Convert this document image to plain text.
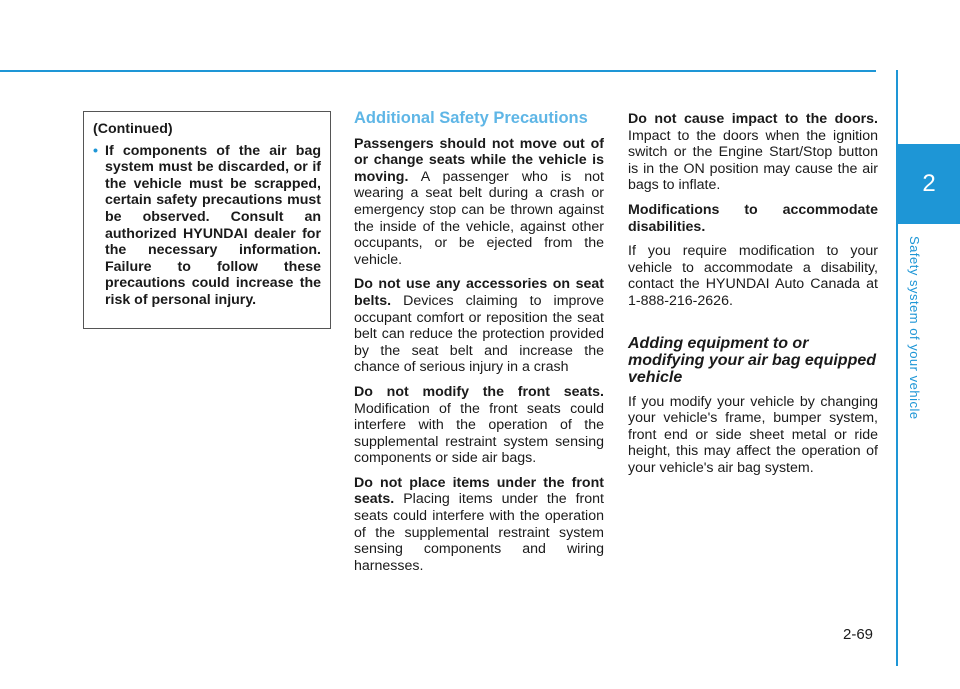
2
Safety system of your vehicle
(Continued)
• If components of the air bag system must be discarded, or if the vehicle must be scrapped, certain safety precautions must be observed. Consult an authorized HYUNDAI dealer for the necessary information. Failure to follow these precautions could increase the risk of personal injury.
Additional Safety Precautions

Passengers should not move out of or change seats while the vehicle is moving. A passenger who is not wearing a seat belt during a crash or emergency stop can be thrown against the inside of the vehicle, against other occupants, or be ejected from the vehicle.

Do not use any accessories on seat belts. Devices claiming to improve occupant comfort or reposition the seat belt can reduce the protection provided by the seat belt and increase the chance of serious injury in a crash

Do not modify the front seats. Modification of the front seats could interfere with the operation of the supplemental restraint system sensing components or side air bags.

Do not place items under the front seats. Placing items under the front seats could interfere with the operation of the supplemental restraint system sensing components and wiring harnesses.

Do not cause impact to the doors. Impact to the doors when the ignition switch or the Engine Start/Stop button is in the ON position may cause the air bags to inflate.

Modifications to accommodate disabilities.

If you require modification to your vehicle to accommodate a disability, contact the HYUNDAI Auto Canada at 1-888-216-2626.

Adding equipment to or modifying your air bag equipped vehicle

If you modify your vehicle by changing your vehicle's frame, bumper system, front end or side sheet metal or ride height, this may affect the operation of your vehicle's air bag system.

2-69
